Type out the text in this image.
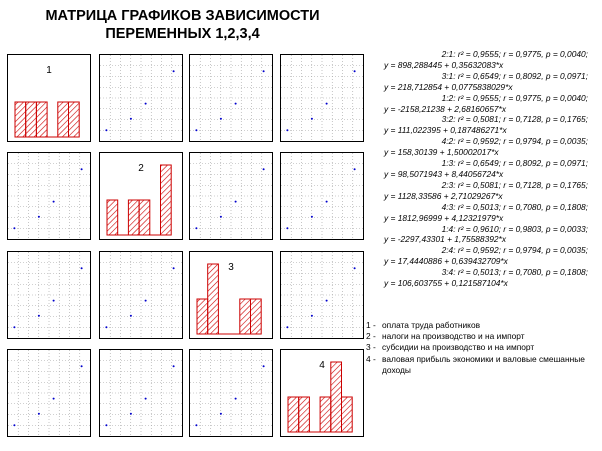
МАТРИЦА ГРАФИКОВ ЗАВИСИМОСТИ
ПЕРЕМЕННЫХ 1,2,3,4
1
2
3
4
2:1: r² = 0,9555; r = 0,9775, p = 0,0040;
y = 898,288445 + 0,35632083*x
3:1: r² = 0,6549; r = 0,8092, p = 0,0971;
y = 218,712854 + 0,0775838029*x
1:2: r² = 0,9555; r = 0,9775, p = 0,0040;
y = -2158,21238 + 2,68160657*x
3:2: r² = 0,5081; r = 0,7128, p = 0,1765;
y = 111,022395 + 0,187486271*x
4:2: r² = 0,9592; r = 0,9794, p = 0,0035;
y = 158,30139 + 1,50002017*x
1:3: r² = 0,6549; r = 0,8092, p = 0,0971;
y = 98,5071943 + 8,44056724*x
2:3: r² = 0,5081; r = 0,7128, p = 0,1765;
y = 1128,33586 + 2,71029267*x
4:3: r² = 0,5013; r = 0,7080, p = 0,1808;
y = 1812,96999 + 4,12321979*x
1:4: r² = 0,9610; r = 0,9803, p = 0,0033;
y = -2297,43301 + 1,75588392*x
2:4: r² = 0,9592; r = 0,9794, p = 0,0035;
y = 17,4440886 + 0,639432709*x
3:4: r² = 0,5013; r = 0,7080, p = 0,1808;
y = 106,603755 + 0,121587104*x
1 - оплата труда работников
2 - налоги на производство и на импорт
3 - субсидии на производство и на импорт
4 - валовая прибыль экономики и валовые смешанные доходы
